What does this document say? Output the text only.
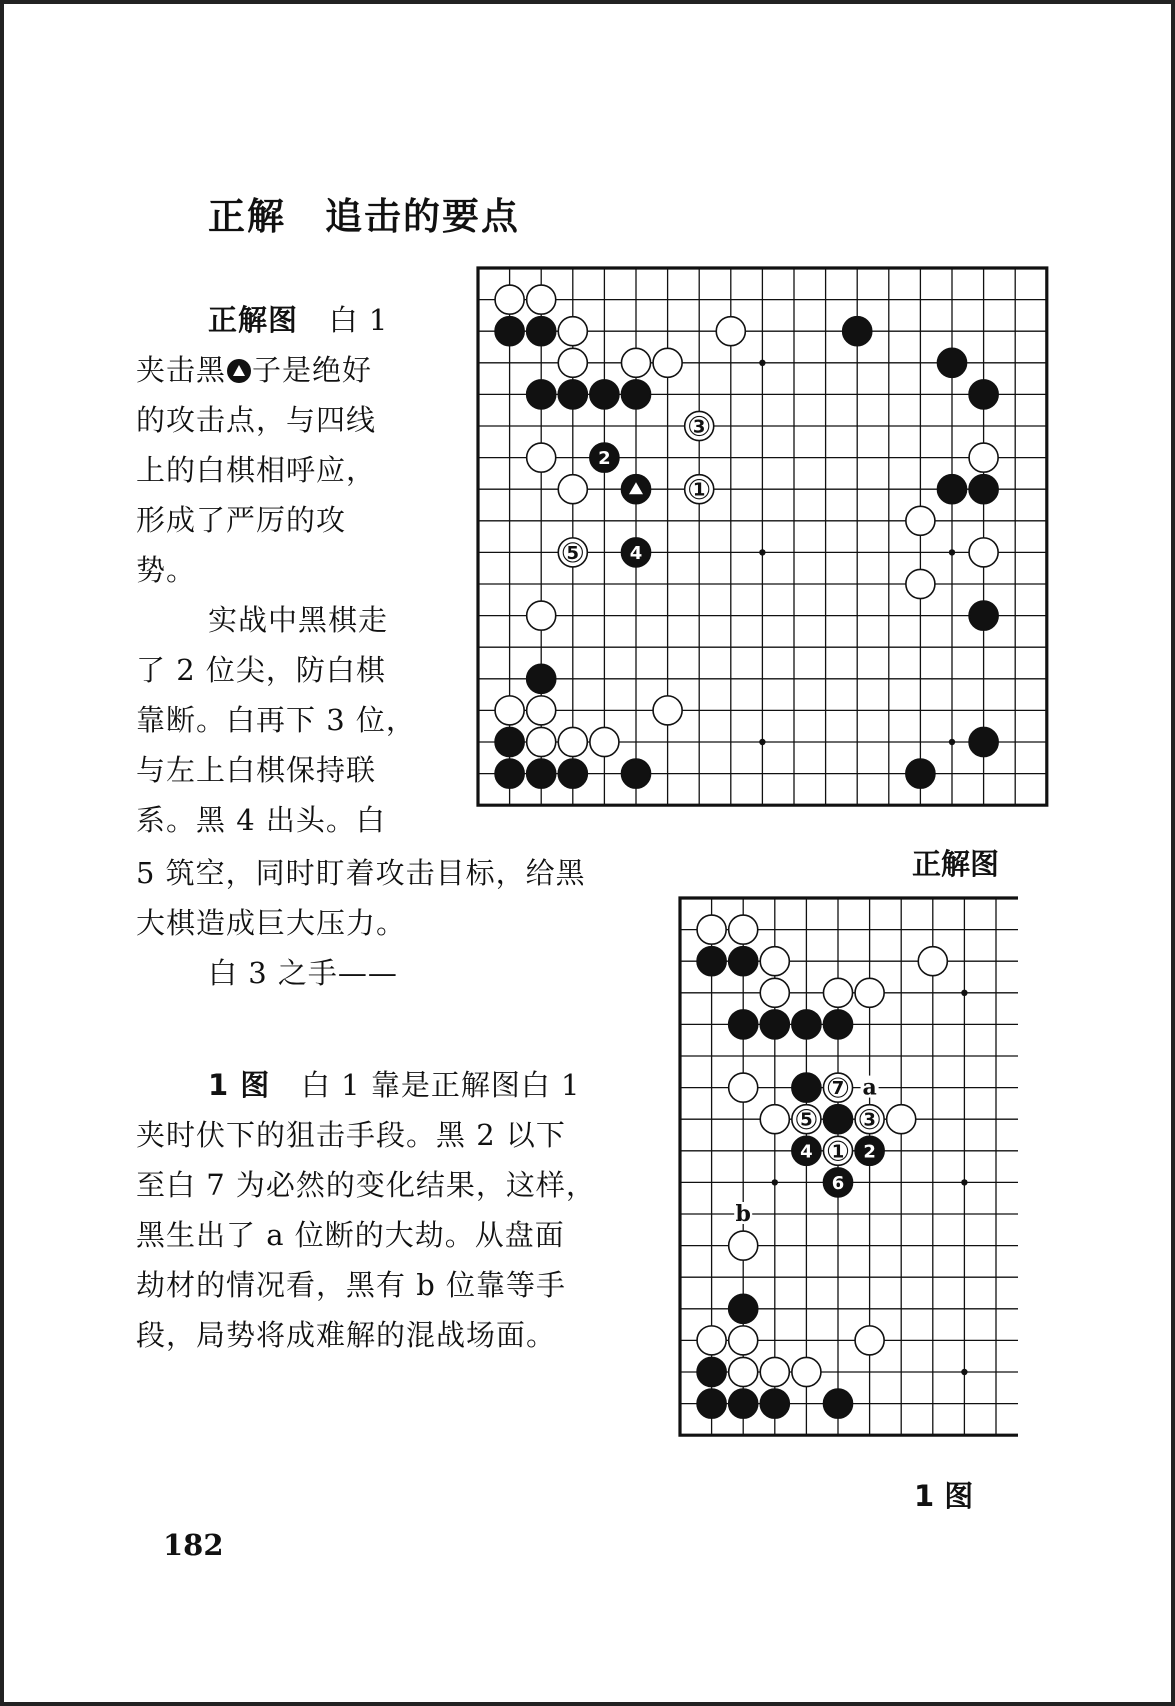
正解　追击的要点

正解图 白 1

夹击黑 子是绝好

的攻击点，与四线

上的白棋相呼应，

形成了严厉的攻

势。

实战中黑棋走

了 2 位尖，防白棋

靠断。白再下 3 位，

与左上白棋保持联

系。黑 4 出头。白

5 筑空，同时盯着攻击目标，给黑

大棋造成巨大压力。

白 3 之手——

1 图 白 1 靠是正解图白 1

夹时伏下的狙击手段。黑 2 以下

至白 7 为必然的变化结果，这样，

黑生出了 a 位断的大劫。从盘面

劫材的情况看，黑有 b 位靠等手

段，局势将成难解的混战场面。

3
2
1
5	4

正解图

7
5	3
4 1 2
6
a
b

1 图

182
